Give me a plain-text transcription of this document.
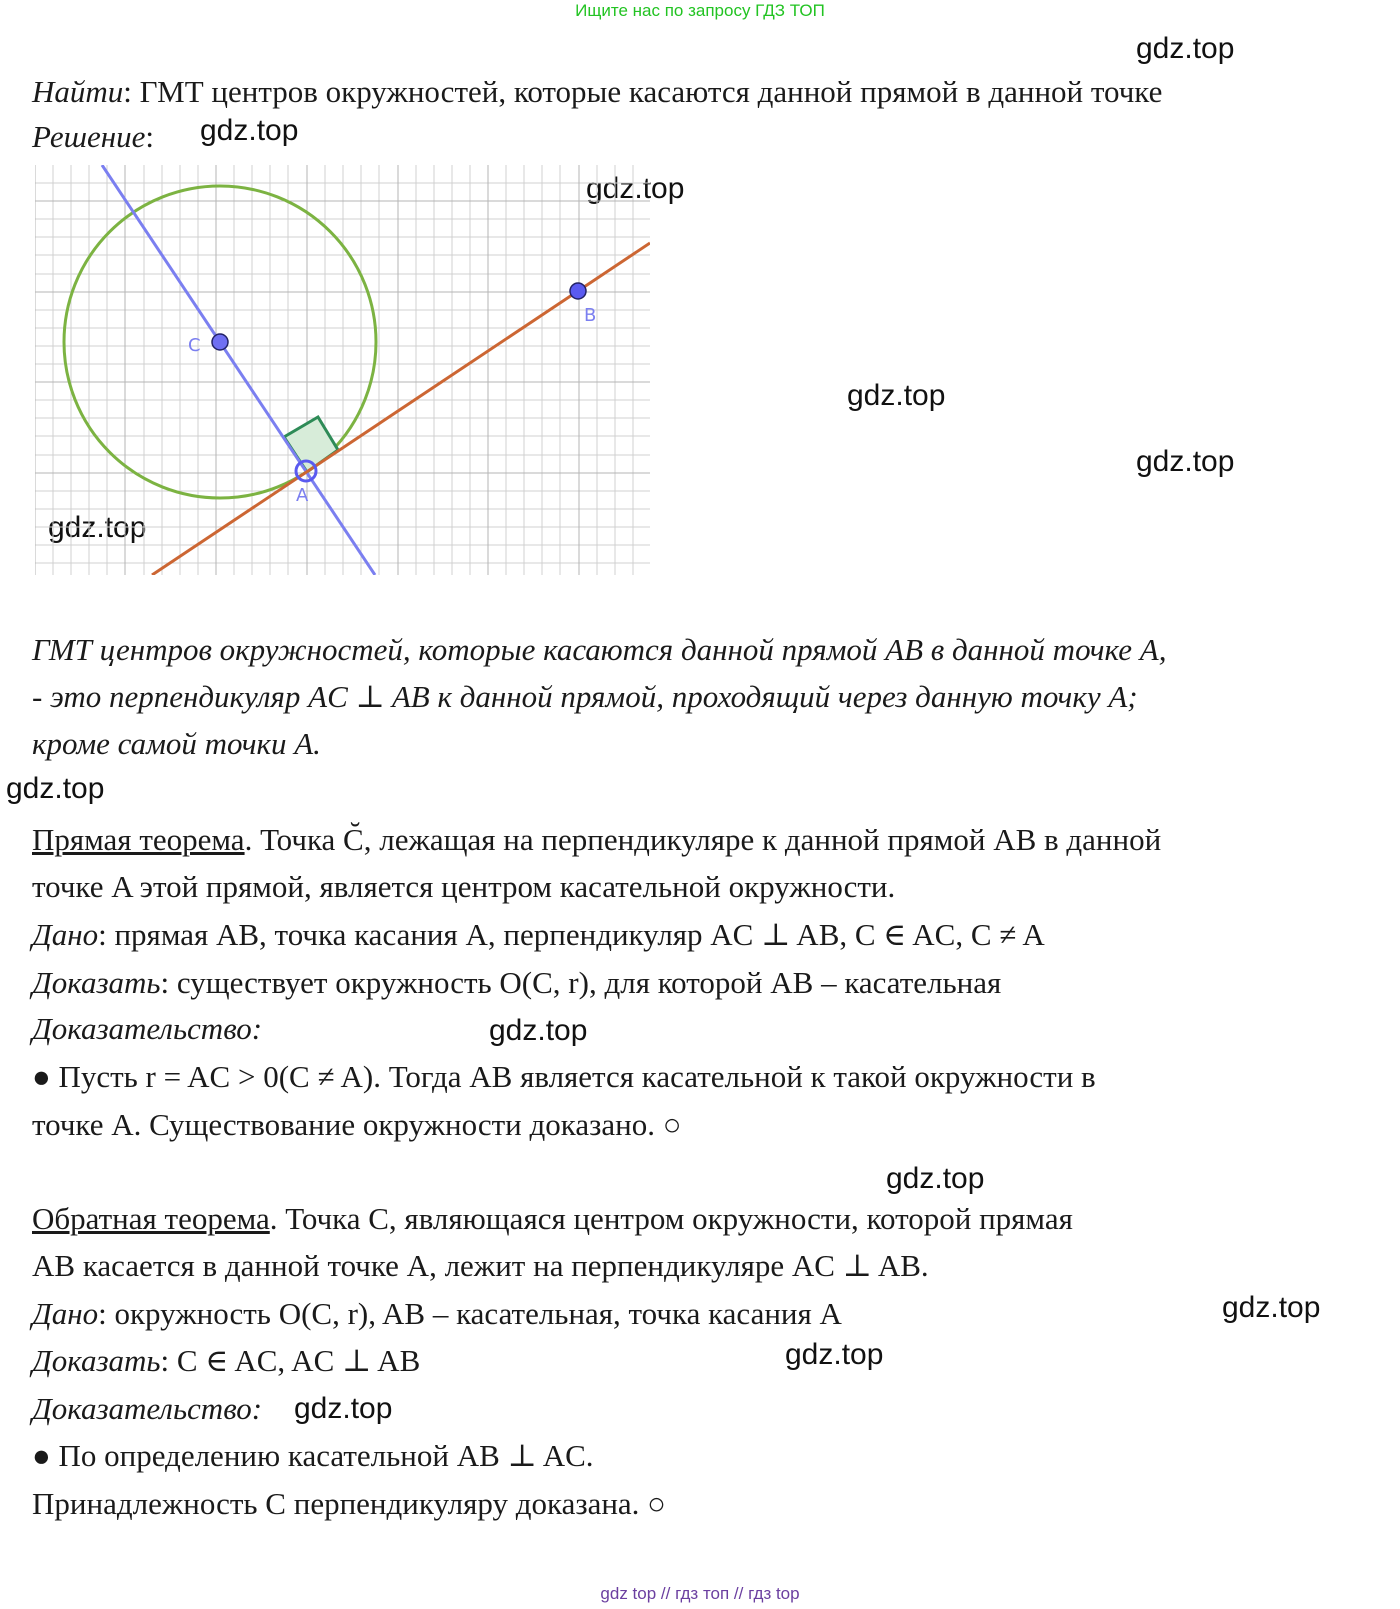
Ищите нас по запросу ГДЗ ТОП
gdz.top
gdz.top
gdz.top
gdz.top
gdz.top
gdz.top
gdz.top
gdz.top
gdz.top
gdz.top
gdz.top
gdz.top
Найти: ГМТ центров окружностей, которые касаются данной прямой в данной точке
Решение:
C
A
B
ГМТ центров окружностей, которые касаются данной прямой AB в данной точке A,
- это перпендикуляр AC ⊥ AB к данной прямой, проходящий через данную точку A;
кроме самой точки A.
Прямая теорема. Точка C̆, лежащая на перпендикуляре к данной прямой AB в данной
точке A этой прямой, является центром касательной окружности.
Дано: прямая AB, точка касания A, перпендикуляр AC ⊥ AB, C ∈ AC, C ≠ A
Доказать: существует окружность O(C, r), для которой AB – касательная
Доказательство:
● Пусть r = AC > 0(C ≠ A). Тогда AB является касательной к такой окружности в
точке A. Существование окружности доказано. ○
Обратная теорема. Точка C, являющаяся центром окружности, которой прямая
AB касается в данной точке A, лежит на перпендикуляре AC ⊥ AB.
Дано: окружность O(C, r), AB – касательная, точка касания A
Доказать: C ∈ AC, AC ⊥ AB
Доказательство:
● По определению касательной AB ⊥ AC.
Принадлежность C перпендикуляру доказана. ○
gdz top // гдз топ // гдз top
